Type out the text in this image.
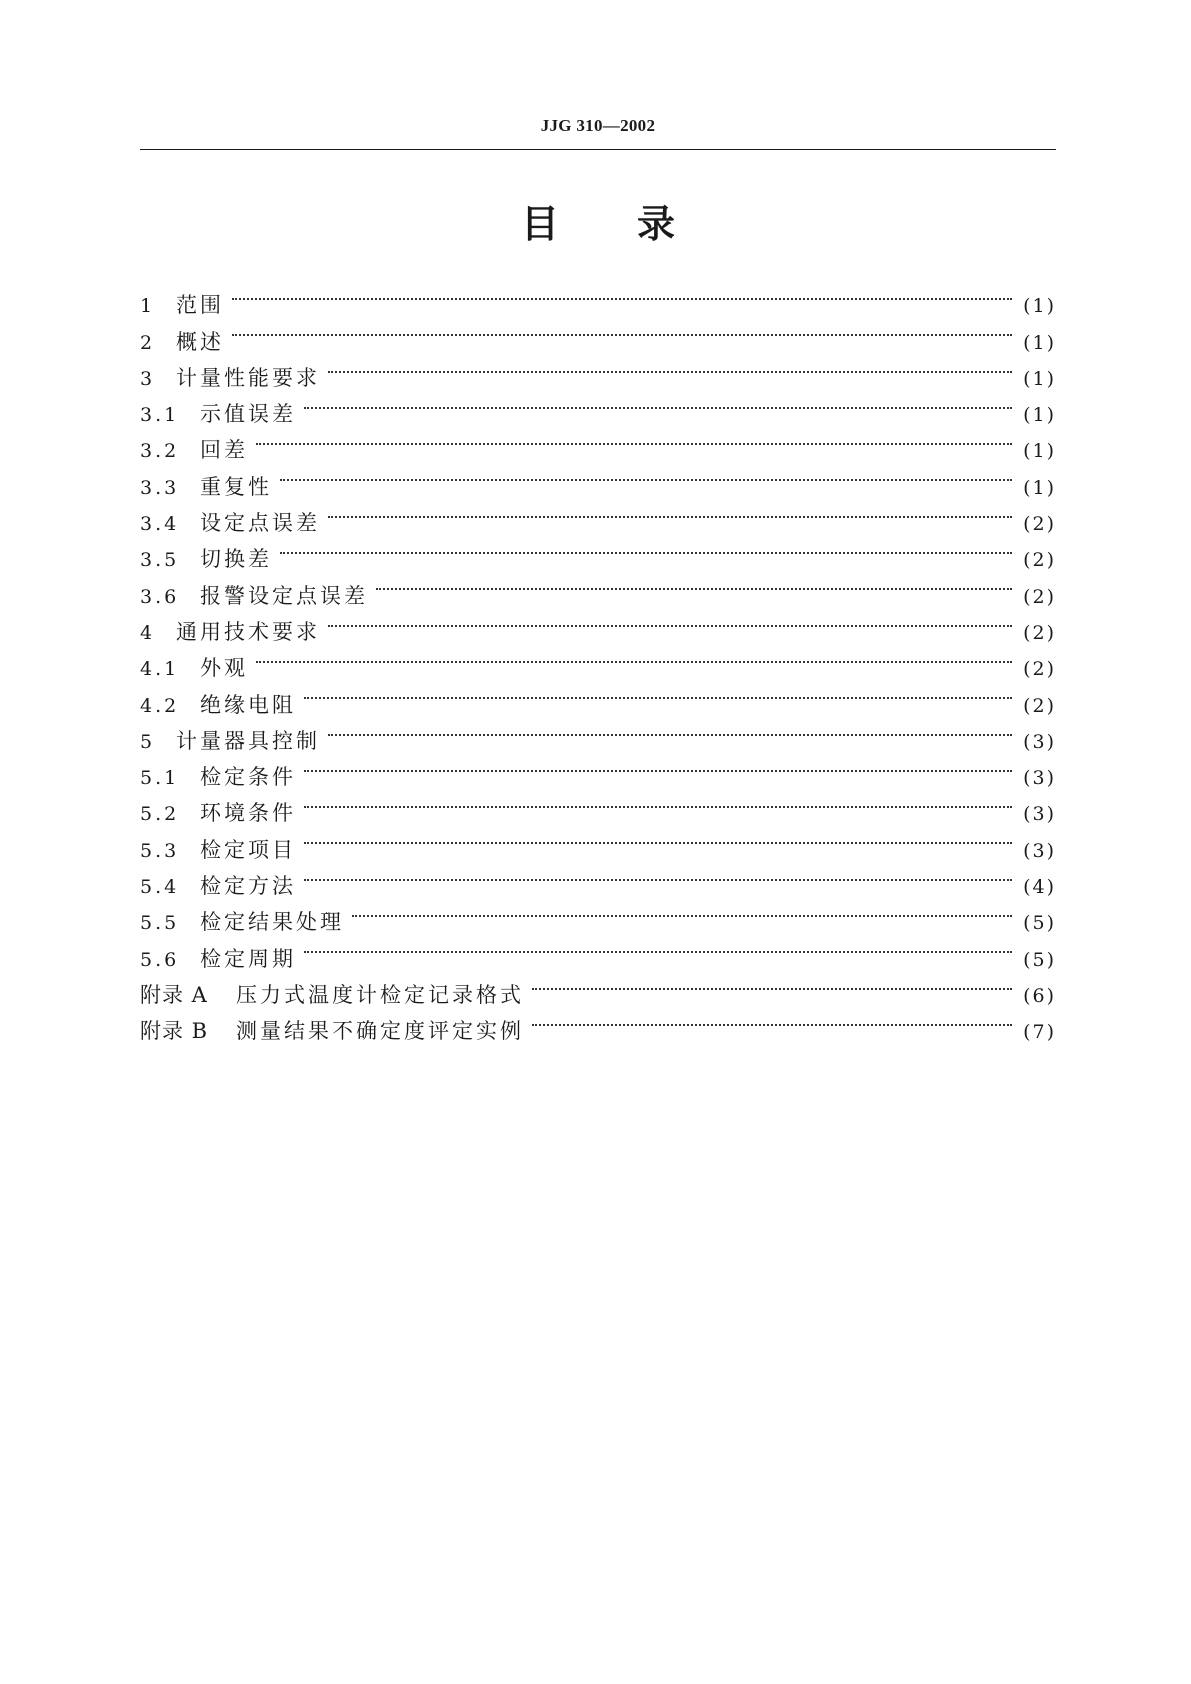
JJG 310—2002
目 录
1 范围	(1)
2 概述	(1)
3 计量性能要求	(1)
3.1 示值误差	(1)
3.2 回差	(1)
3.3 重复性	(1)
3.4 设定点误差	(2)
3.5 切换差	(2)
3.6 报警设定点误差	(2)
4 通用技术要求	(2)
4.1 外观	(2)
4.2 绝缘电阻	(2)
5 计量器具控制	(3)
5.1 检定条件	(3)
5.2 环境条件	(3)
5.3 检定项目	(3)
5.4 检定方法	(4)
5.5 检定结果处理	(5)
5.6 检定周期	(5)
附录 A	压力式温度计检定记录格式	(6)
附录 B	测量结果不确定度评定实例	(7)
